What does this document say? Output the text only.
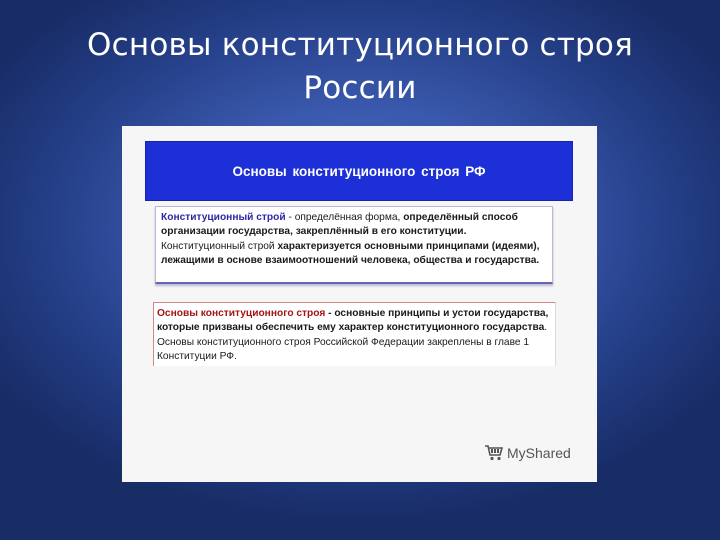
Основы конституционного строя
России
Основы конституционного строя РФ
Конституционный строй - определённая форма, определённый способ организации государства, закреплённый в его конституции. Конституционный строй характеризуется основными принципами (идеями), лежащими в основе взаимоотношений человека, общества и государства.
Основы конституционного строя - основные принципы и устои государства, которые призваны обеспечить ему характер конституционного государства. Основы конституционного строя Российской Федерации закреплены в главе 1 Конституции РФ.
MyShared
